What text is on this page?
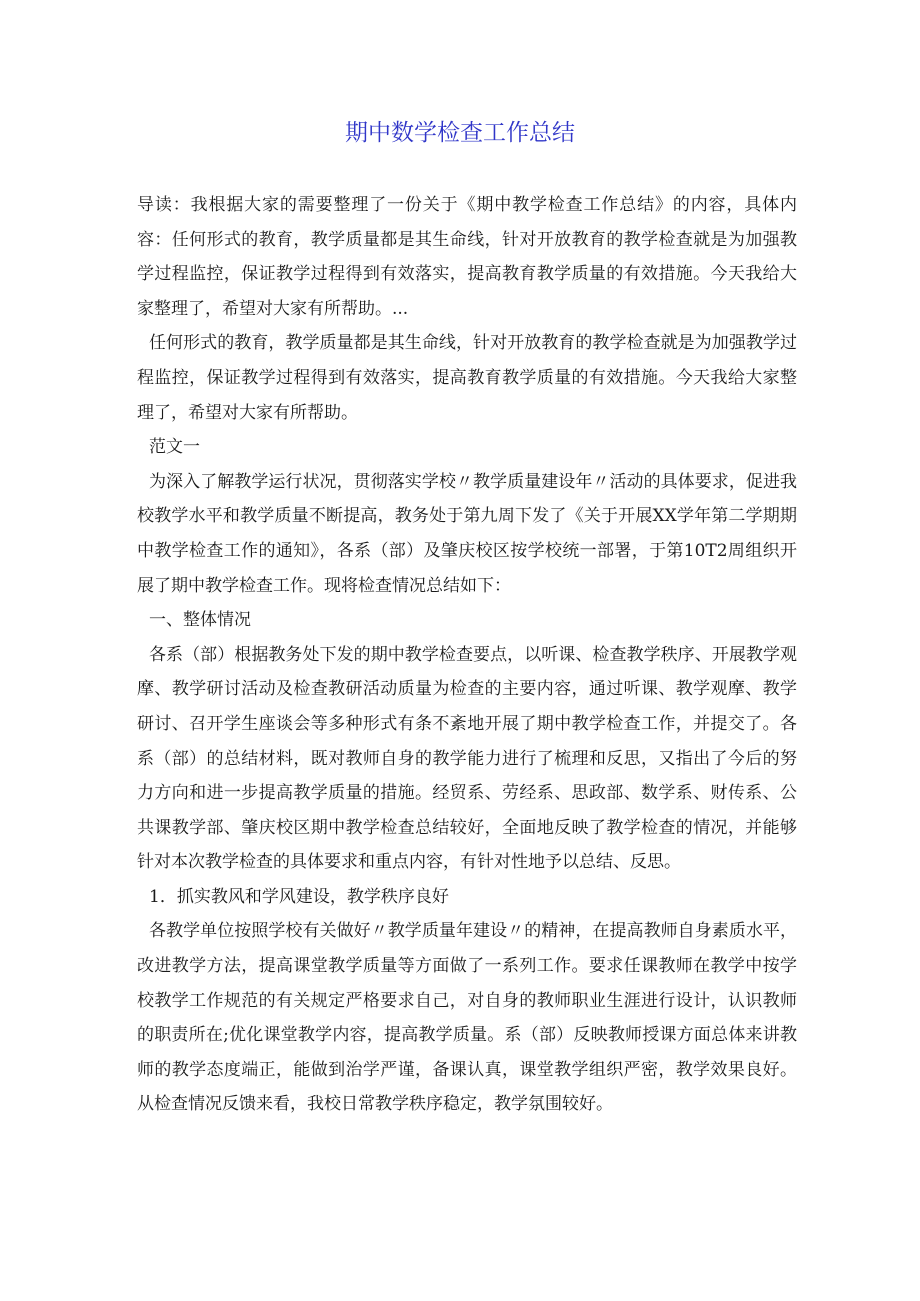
期中数学检查工作总结

导读：我根据大家的需要整理了一份关于《期中教学检查工作总结》的内容，具体内容：任何形式的教育，教学质量都是其生命线，针对开放教育的教学检查就是为加强教学过程监控，保证教学过程得到有效落实，提高教育教学质量的有效措施。今天我给大家整理了，希望对大家有所帮助。...

任何形式的教育，教学质量都是其生命线，针对开放教育的教学检查就是为加强教学过程监控，保证教学过程得到有效落实，提高教育教学质量的有效措施。今天我给大家整理了，希望对大家有所帮助。

范文一

为深入了解教学运行状况，贯彻落实学校〃教学质量建设年〃活动的具体要求，促进我校教学水平和教学质量不断提高，教务处于第九周下发了《关于开展XX学年第二学期期中教学检查工作的通知》，各系（部）及肇庆校区按学校统一部署，于第10T2周组织开展了期中教学检查工作。现将检查情况总结如下：

一、整体情况

各系（部）根据教务处下发的期中教学检查要点，以听课、检查教学秩序、开展教学观摩、教学研讨活动及检查教研活动质量为检查的主要内容，通过听课、教学观摩、教学研讨、召开学生座谈会等多种形式有条不紊地开展了期中教学检查工作，并提交了。各系（部）的总结材料，既对教师自身的教学能力进行了梳理和反思，又指出了今后的努力方向和进一步提高教学质量的措施。经贸系、劳经系、思政部、数学系、财传系、公共课教学部、肇庆校区期中教学检查总结较好，全面地反映了教学检查的情况，并能够针对本次教学检查的具体要求和重点内容，有针对性地予以总结、反思。

1．抓实教风和学风建设，教学秩序良好

各教学单位按照学校有关做好〃教学质量年建设〃的精神，在提高教师自身素质水平，改进教学方法，提高课堂教学质量等方面做了一系列工作。要求任课教师在教学中按学校教学工作规范的有关规定严格要求自己，对自身的教师职业生涯进行设计，认识教师的职责所在;优化课堂教学内容，提高教学质量。系（部）反映教师授课方面总体来讲教师的教学态度端正，能做到治学严谨，备课认真，课堂教学组织严密，教学效果良好。从检查情况反馈来看，我校日常教学秩序稳定，教学氛围较好。
